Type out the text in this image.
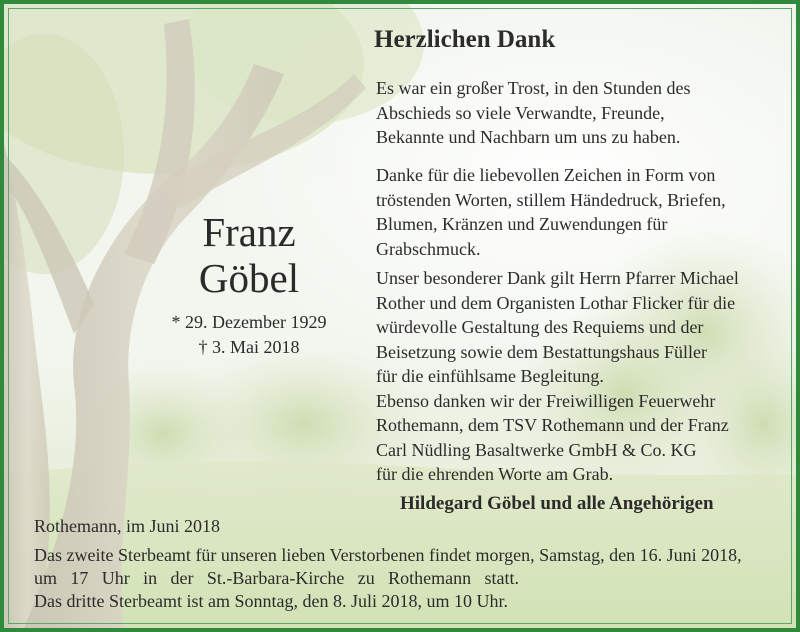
Herzlichen Dank
Es war ein großer Trost, in den Stunden des
Abschieds so viele Verwandte, Freunde,
Bekannte und Nachbarn um uns zu haben.
Danke für die liebevollen Zeichen in Form von
tröstenden Worten, stillem Händedruck, Briefen,
Blumen, Kränzen und Zuwendungen für
Grabschmuck.
Unser besonderer Dank gilt Herrn Pfarrer Michael
Rother und dem Organisten Lothar Flicker für die
würdevolle Gestaltung des Requiems und der
Beisetzung sowie dem Bestattungshaus Füller
für die einfühlsame Begleitung.
Ebenso danken wir der Freiwilligen Feuerwehr
Rothemann, dem TSV Rothemann und der Franz
Carl Nüdling Basaltwerke GmbH & Co. KG
für die ehrenden Worte am Grab.
Franz
Göbel
* 29. Dezember 1929
† 3. Mai 2018
Hildegard Göbel und alle Angehörigen
Rothemann, im Juni 2018
Das zweite Sterbeamt für unseren lieben Verstorbenen findet morgen, Samstag, den 16. Juni 2018,
um 17 Uhr in der St.-Barbara-Kirche zu Rothemann statt.
Das dritte Sterbeamt ist am Sonntag, den 8. Juli 2018, um 10 Uhr.
